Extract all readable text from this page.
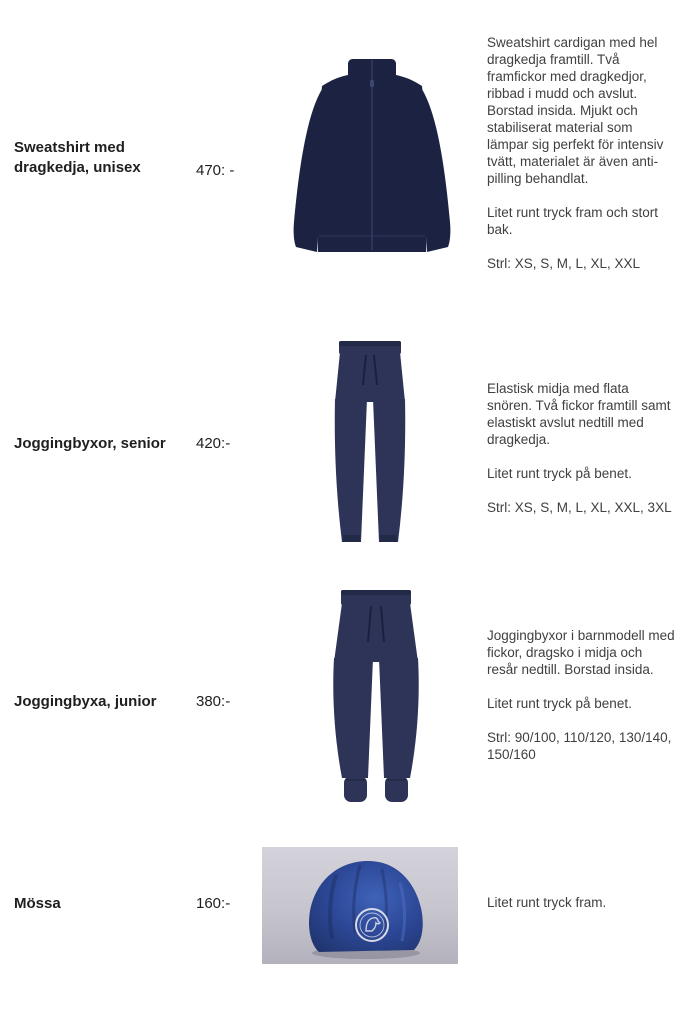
Sweatshirt med dragkedja, unisex	470: -

Sweatshirt cardigan med hel dragkedja framtill. Två framfickor med dragkedjor, ribbad i mudd och avslut. Borstad insida. Mjukt och stabiliserat material som lämpar sig perfekt för intensiv tvätt, materialet är även anti-pilling behandlat.

Litet runt tryck fram och stort bak.

Strl: XS, S, M, L, XL, XXL

Joggingbyxor, senior	420:-

Elastisk midja med flata snören. Två fickor framtill samt elastiskt avslut nedtill med dragkedja.

Litet runt tryck på benet.

Strl: XS, S, M, L, XL, XXL, 3XL

Joggingbyxa, junior	380:-

Joggingbyxor i barnmodell med fickor, dragsko i midja och resår nedtill. Borstad insida.

Litet runt tryck på benet.

Strl: 90/100, 110/120, 130/140, 150/160

Mössa	160:-	Litet runt tryck fram.
